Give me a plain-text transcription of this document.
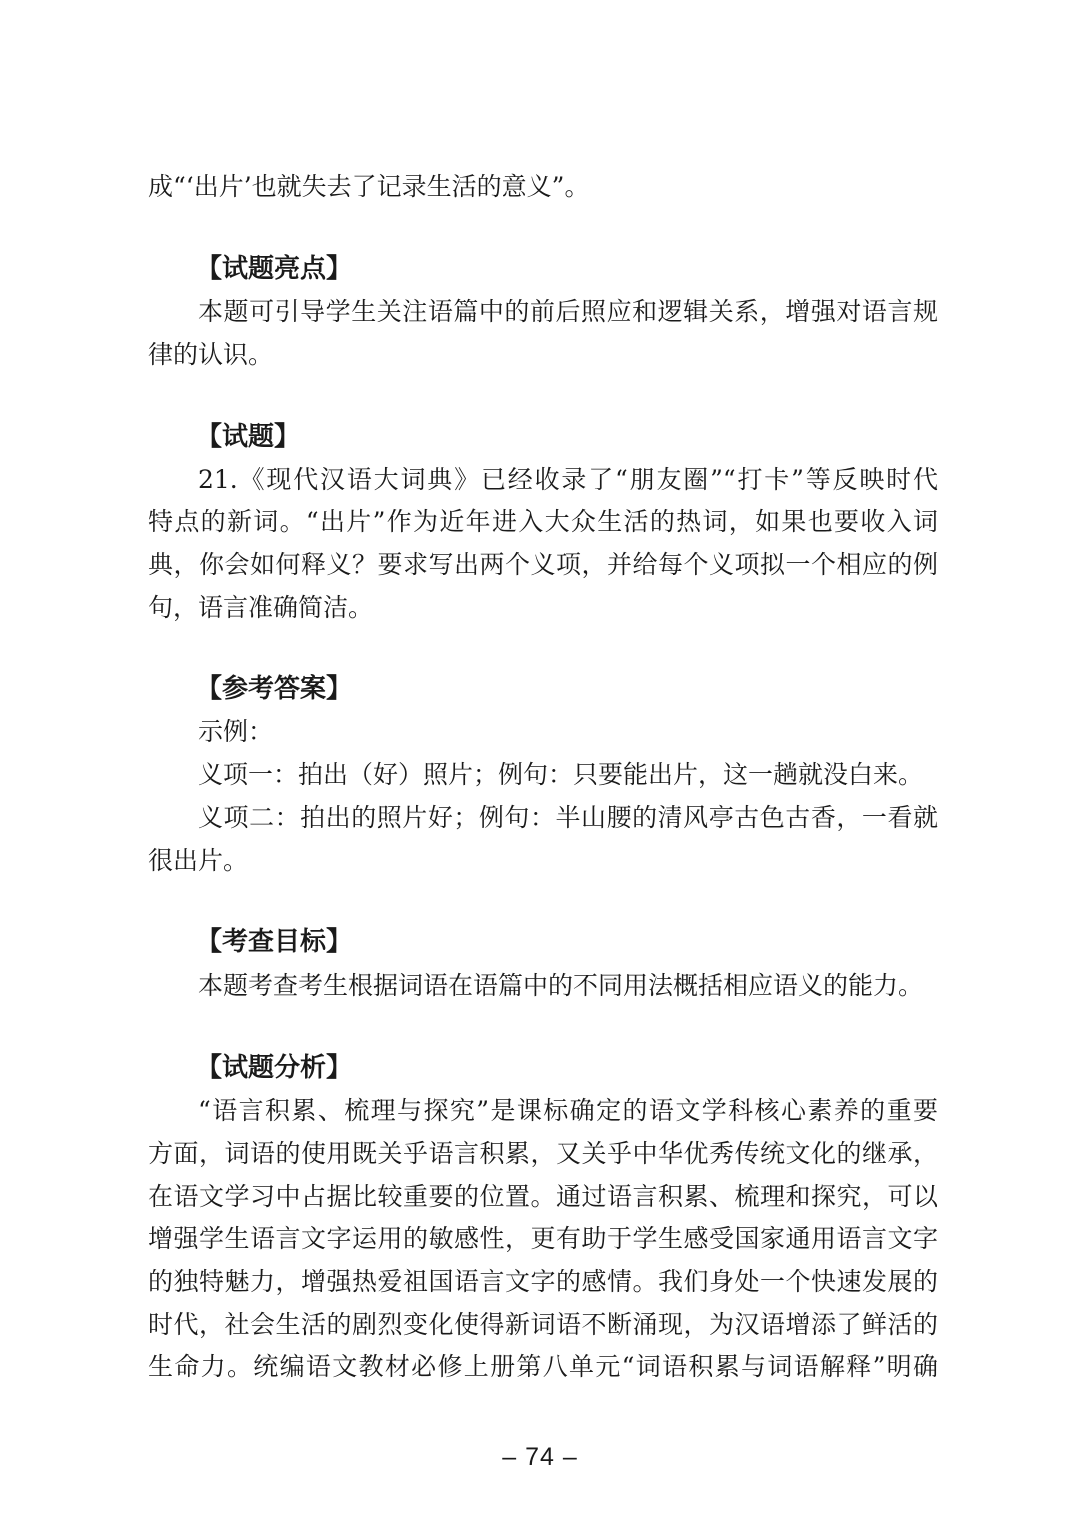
成“‘出片’也就失去了记录生活的意义”。
【试题亮点】
本题可引导学生关注语篇中的前后照应和逻辑关系，增强对语言规
律的认识。
【试题】
21.《现代汉语大词典》已经收录了“朋友圈”“打卡”等反映时代
特点的新词。“出片”作为近年进入大众生活的热词，如果也要收入词
典，你会如何释义？要求写出两个义项，并给每个义项拟一个相应的例
句，语言准确简洁。
【参考答案】
示例：
义项一：拍出（好）照片；例句：只要能出片，这一趟就没白来。
义项二：拍出的照片好；例句：半山腰的清风亭古色古香，一看就
很出片。
【考查目标】
本题考查考生根据词语在语篇中的不同用法概括相应语义的能力。
【试题分析】
“语言积累、梳理与探究”是课标确定的语文学科核心素养的重要
方面，词语的使用既关乎语言积累，又关乎中华优秀传统文化的继承，
在语文学习中占据比较重要的位置。通过语言积累、梳理和探究，可以
增强学生语言文字运用的敏感性，更有助于学生感受国家通用语言文字
的独特魅力，增强热爱祖国语言文字的感情。我们身处一个快速发展的
时代，社会生活的剧烈变化使得新词语不断涌现，为汉语增添了鲜活的
生命力。统编语文教材必修上册第八单元“词语积累与词语解释”明确
– 74 –
